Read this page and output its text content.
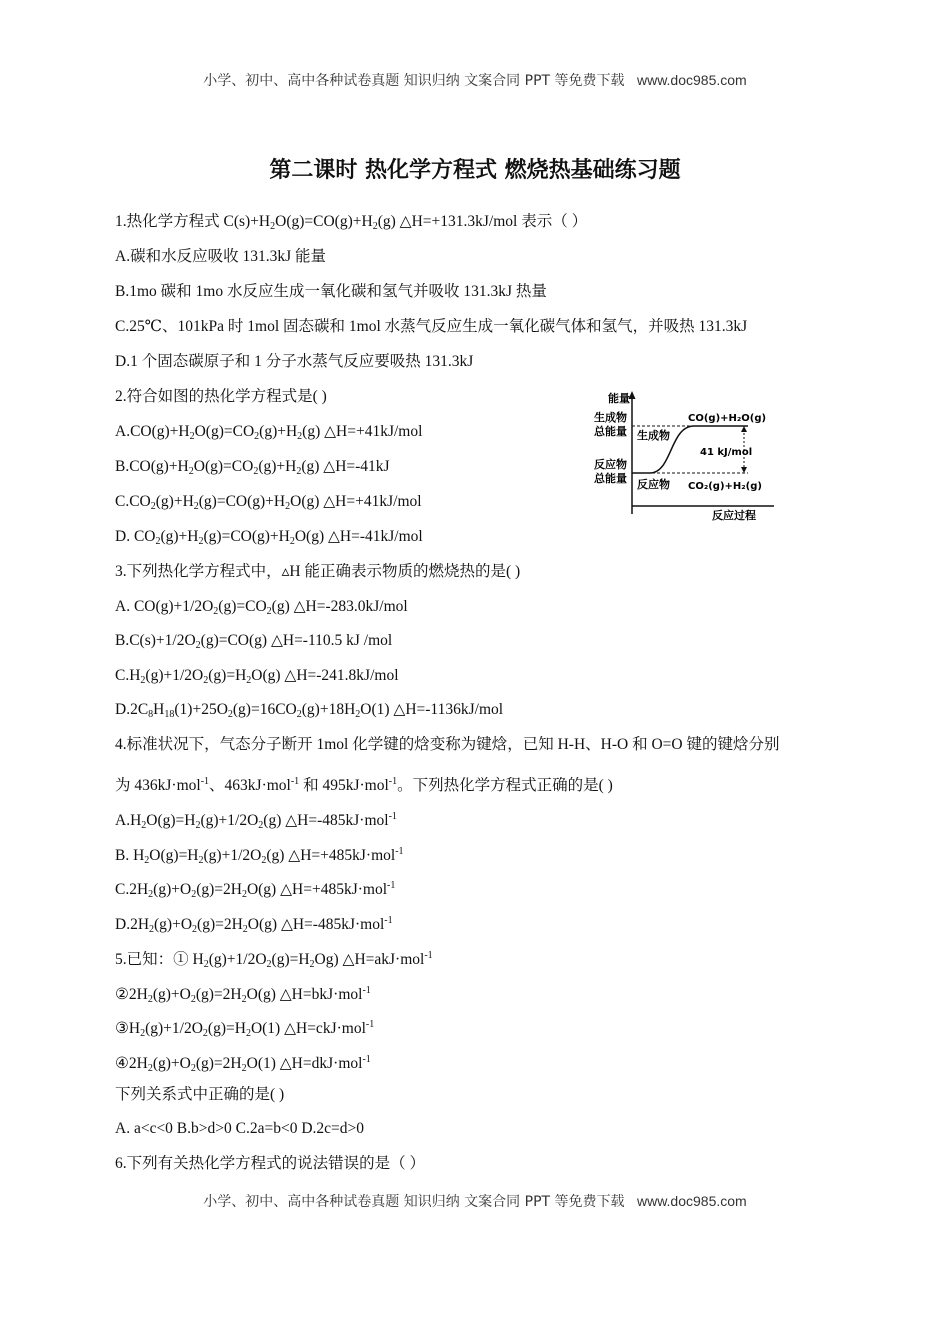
小学、初中、高中各种试卷真题 知识归纳 文案合同 PPT 等免费下载 www.doc985.com
第二课时 热化学方程式 燃烧热基础练习题
1.热化学方程式 $C(s)+H_2O(g)=CO(g)+H_2(g)$ △H=+131.3kJ/mol 表示（ ）
A.碳和水反应吸收 131.3kJ 能量
B.1mo 碳和 1mo 水反应生成一氧化碳和氢气并吸收 131.3kJ 热量
C.25℃、101kPa 时 1mol 固态碳和 1mol 水蒸气反应生成一氧化碳气体和氢气，并吸热 131.3kJ
D.1 个固态碳原子和 1 分子水蒸气反应要吸热 131.3kJ
2.符合如图的热化学方程式是( )
$A.CO(g)+H_2O(g)=CO_2(g)+H_2(g)$ △H=+41kJ/mol
$B.CO(g)+H_2O(g)=CO_2(g)+H_2(g)$ △H=-41kJ
$C.CO_2(g)+H_2(g)=CO(g)+H_2O(g)$ △H=+41kJ/mol
D. $CO_2(g)+H_2(g)=CO(g)+H_2O(g)$ △H=-41kJ/mol
能量
反应过程
生成物
总能量
反应物
总能量
生成物
反应物
CO(g)+H₂O(g)
CO₂(g)+H₂(g)
41 kJ/mol
3.下列热化学方程式中，▵H 能正确表示物质的燃烧热的是( )
A. $CO(g)+1/2O_2(g)=CO_2(g)$ △H=-283.0kJ/mol
$B.C(s)+1/2O_2(g)=CO(g)$ △H=-110.5 kJ /mol
$C.H_2(g)+1/2O_2(g)=H_2O(g)$ △H=-241.8kJ/mol
$D.2C_8H_{18}(1)+25O_2(g)=16CO_2(g)+18H_2O(1)$ △H=-1136kJ/mol
4.标准状况下，气态分子断开 1mol 化学键的焓变称为键焓，已知 H-H、H-O 和 O=O 键的键焓分别
为 436kJ·mol$^{-1}$、463kJ·mol$^{-1}$ 和 495kJ·mol$^{-1}$。下列热化学方程式正确的是( )
$A.H_2O(g)=H_2(g)+1/2O_2(g)$ △H=-485kJ·mol$^{-1}$
B. $H_2O(g)=H_2(g)+1/2O_2(g)$ △H=+485kJ·mol$^{-1}$
$C.2H_2(g)+O_2(g)=2H_2O(g)$ △H=+485kJ·mol$^{-1}$
$D.2H_2(g)+O_2(g)=2H_2O(g)$ △H=-485kJ·mol$^{-1}$
5.已知：① $H_2(g)+1/2O_2(g)=H_2Og$) △H=akJ·mol$^{-1}$
$②2H_2(g)+O_2(g)=2H_2O(g)$ △H=bkJ·mol$^{-1}$
$③H_2(g)+1/2O_2(g)=H_2O(1)$ △H=ckJ·mol$^{-1}$
$④2H_2(g)+O_2(g)=2H_2O(1)$ △H=dkJ·mol$^{-1}$
下列关系式中正确的是( )
A. a<c<0 B.b>d>0 C.2a=b<0 D.2c=d>0
6.下列有关热化学方程式的说法错误的是（ ）
小学、初中、高中各种试卷真题 知识归纳 文案合同 PPT 等免费下载 www.doc985.com
